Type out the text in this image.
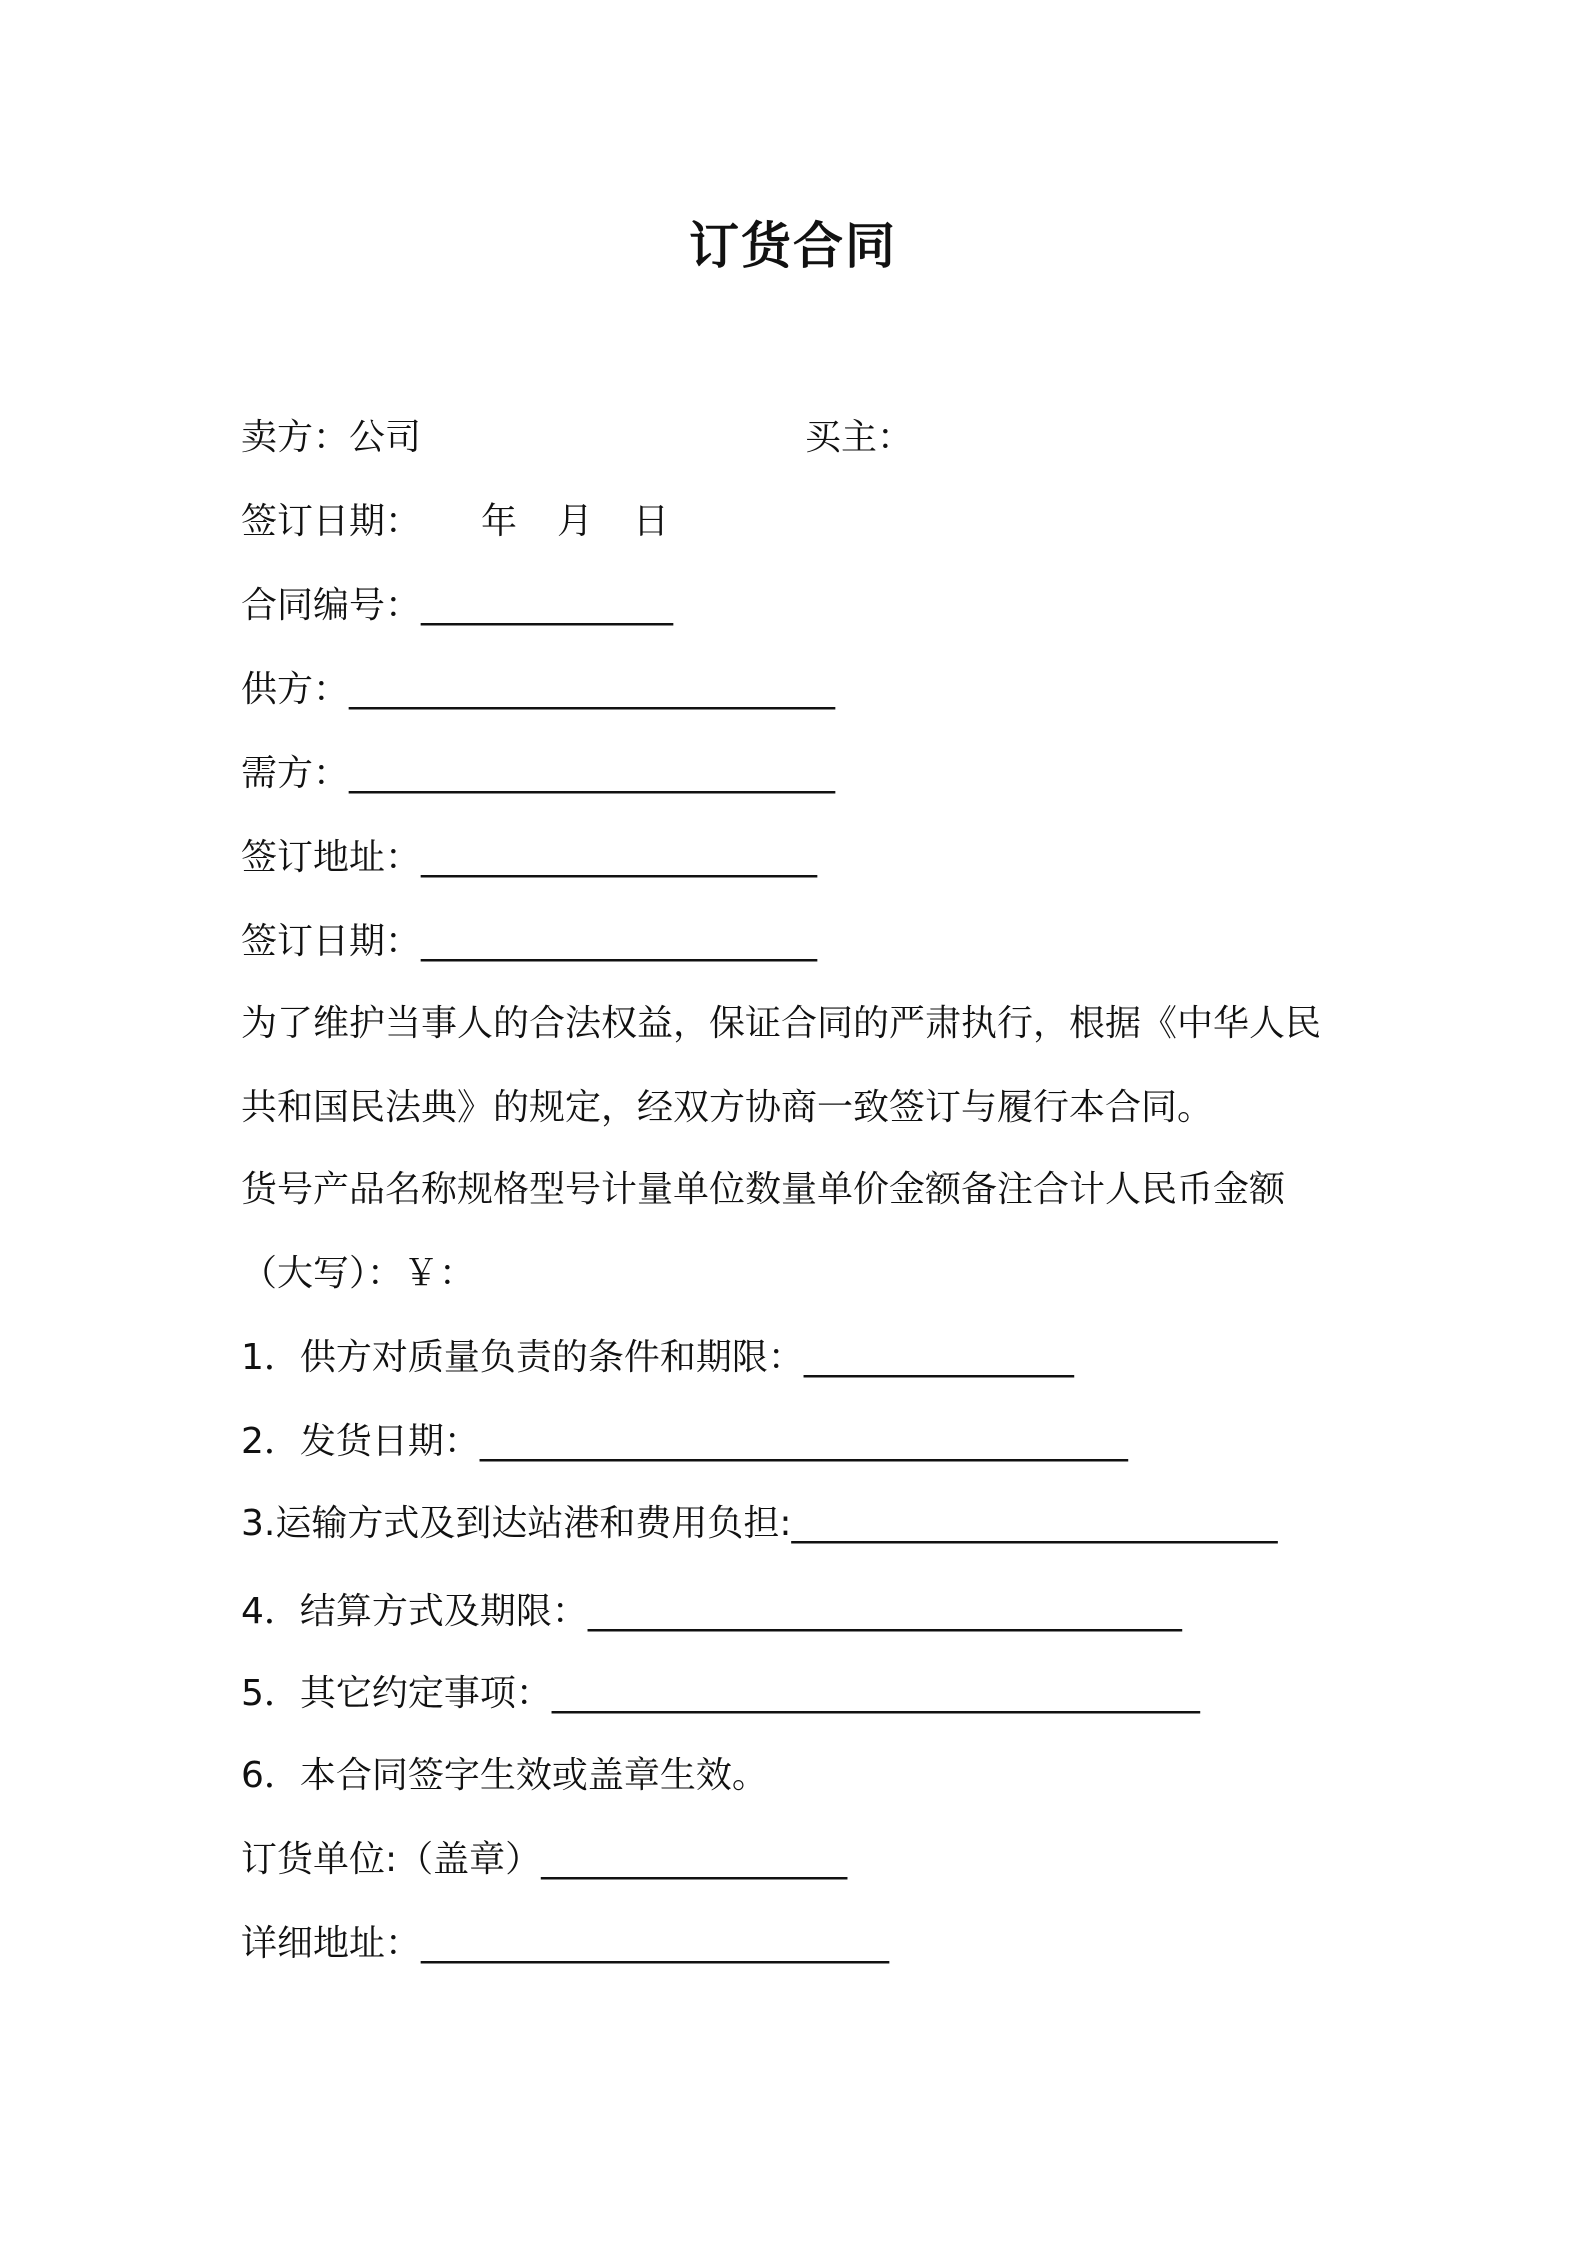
订货合同
卖方：公司	买主：
签订日期： 年 月 日
合同编号：______________
供方：___________________________
需方：___________________________
签订地址：______________________
签订日期：______________________
为了维护当事人的合法权益，保证合同的严肃执行，根据《中华人民
共和国民法典》的规定，经双方协商一致签订与履行本合同。
货号产品名称规格型号计量单位数量单价金额备注合计人民币金额
（大写）：￥：
1．供方对质量负责的条件和期限：_______________
2．发货日期：____________________________________
3.运输方式及到达站港和费用负担:___________________________
4．结算方式及期限：_________________________________
5．其它约定事项：____________________________________
6．本合同签字生效或盖章生效。
订货单位:（盖章）_________________
详细地址：__________________________
